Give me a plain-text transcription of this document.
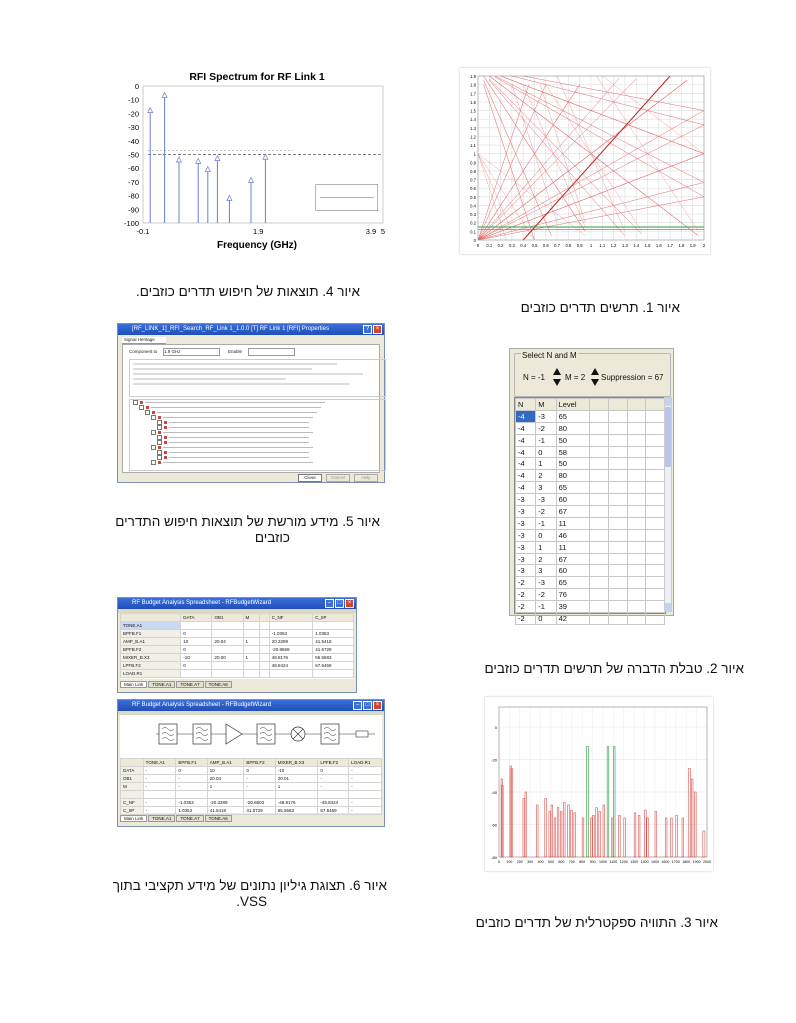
RFI Spectrum for RF Link 1
Frequency (GHz)
0
-10
-20
-30
-40
-50
-60
-70
-80
-90
-100
-0.1	1.9	3.9 5
איור 4. תוצאות של חיפוש תדרים כוזבים.
1.9
1.8
1.7
1.6
1.5
1.4
1.3
1.2
1.1
1
0.9
0.8
0.7
0.6
0.5
0.4
0.3
0.2
0.1
0
0 0.1 0.2 0.3 0.4 0.5 0.6 0.7 0.8 0.9 1 1.1 1.2 1.3 1.4 1.5 1.6 1.7 1.8 1.9 2
איור 1. תרשים תדרים כוזבים
[RF_LINK_1]_RFI_Search_RF_Link 1_1.0.0 [T] RF Link 1 [RFI] Properties	?	×
Signal Heritage
Component to 1.9 GHz	Enable
Close	Cancel	Help
איור 5. מידע מורשת של תוצאות חיפוש התדרים
כוזבים
Select N and M
N = -1 M = 2 Suppression = 67
N	M	Level				
-4	-3	65				
-4	-2	80				
-4	-1	50				
-4	0	58				
-4	1	50				
-4	2	80				
-4	3	65				
-3	-3	60				
-3	-2	67				
-3	-1	11				
-3	0	46				
-3	1	11				
-3	2	67				
-3	3	60				
-2	-3	65				
-2	-2	76				
-2	-1	39				
-2	0	42				
איור 2. טבלת הדברה של תרשים תדרים כוזבים
RF Budget Analysis Spreadsheet - RFBudgetWizard	–	□	×
	DATA	OB1	M		C_NF	C_IIP
TONE.A1						
BPFB.F1	0				-1.0353	1.0353
AMP_B.A1	10	20.04	1		20.3289	41.5418
BPFB.F2	0				-20.8569	41.5729
MIXER_B.X3	-10	20.00	1		48.8176	65.5683
LPFB.F2	0				48.8424	67.5469
LOAD.R1						
Main Link	TONE.A1	TONE.A7	TONE.A6
RF Budget Analysis Spreadsheet - RFBudgetWizard	–	□	×
	TONE.A1	BPFB.F1	AMP_B.A1	BPFB.F2	MIXER_B.X3	LPFB.F2	LOAD.R1
DATA	-	0	10	0	-10	0	-
OB1	-	-	20.04	-	20.01	-	-
M	-	-	1	-	1	-	-

C_NF	-	-1.0353	-20.3289	-20.8603	-48.8176	-48.8424	-
C_IIP	-	1.0353	41.5418	41.5729	65.5683	67.5469	-
Main Link	TONE.A1	TONE.A7	TONE.A6
איור 6. תצוגת גיליון נתונים של מידע תקציבי בתוך
VSS.
0
-20
-40
-60
-80
0 100 200 300 400 500 600 700 800 900 1000 1100 1200 1300 1400 1500 1600 1700 1800 1900 2000
איור 3. התוויה ספקטרלית של תדרים כוזבים
